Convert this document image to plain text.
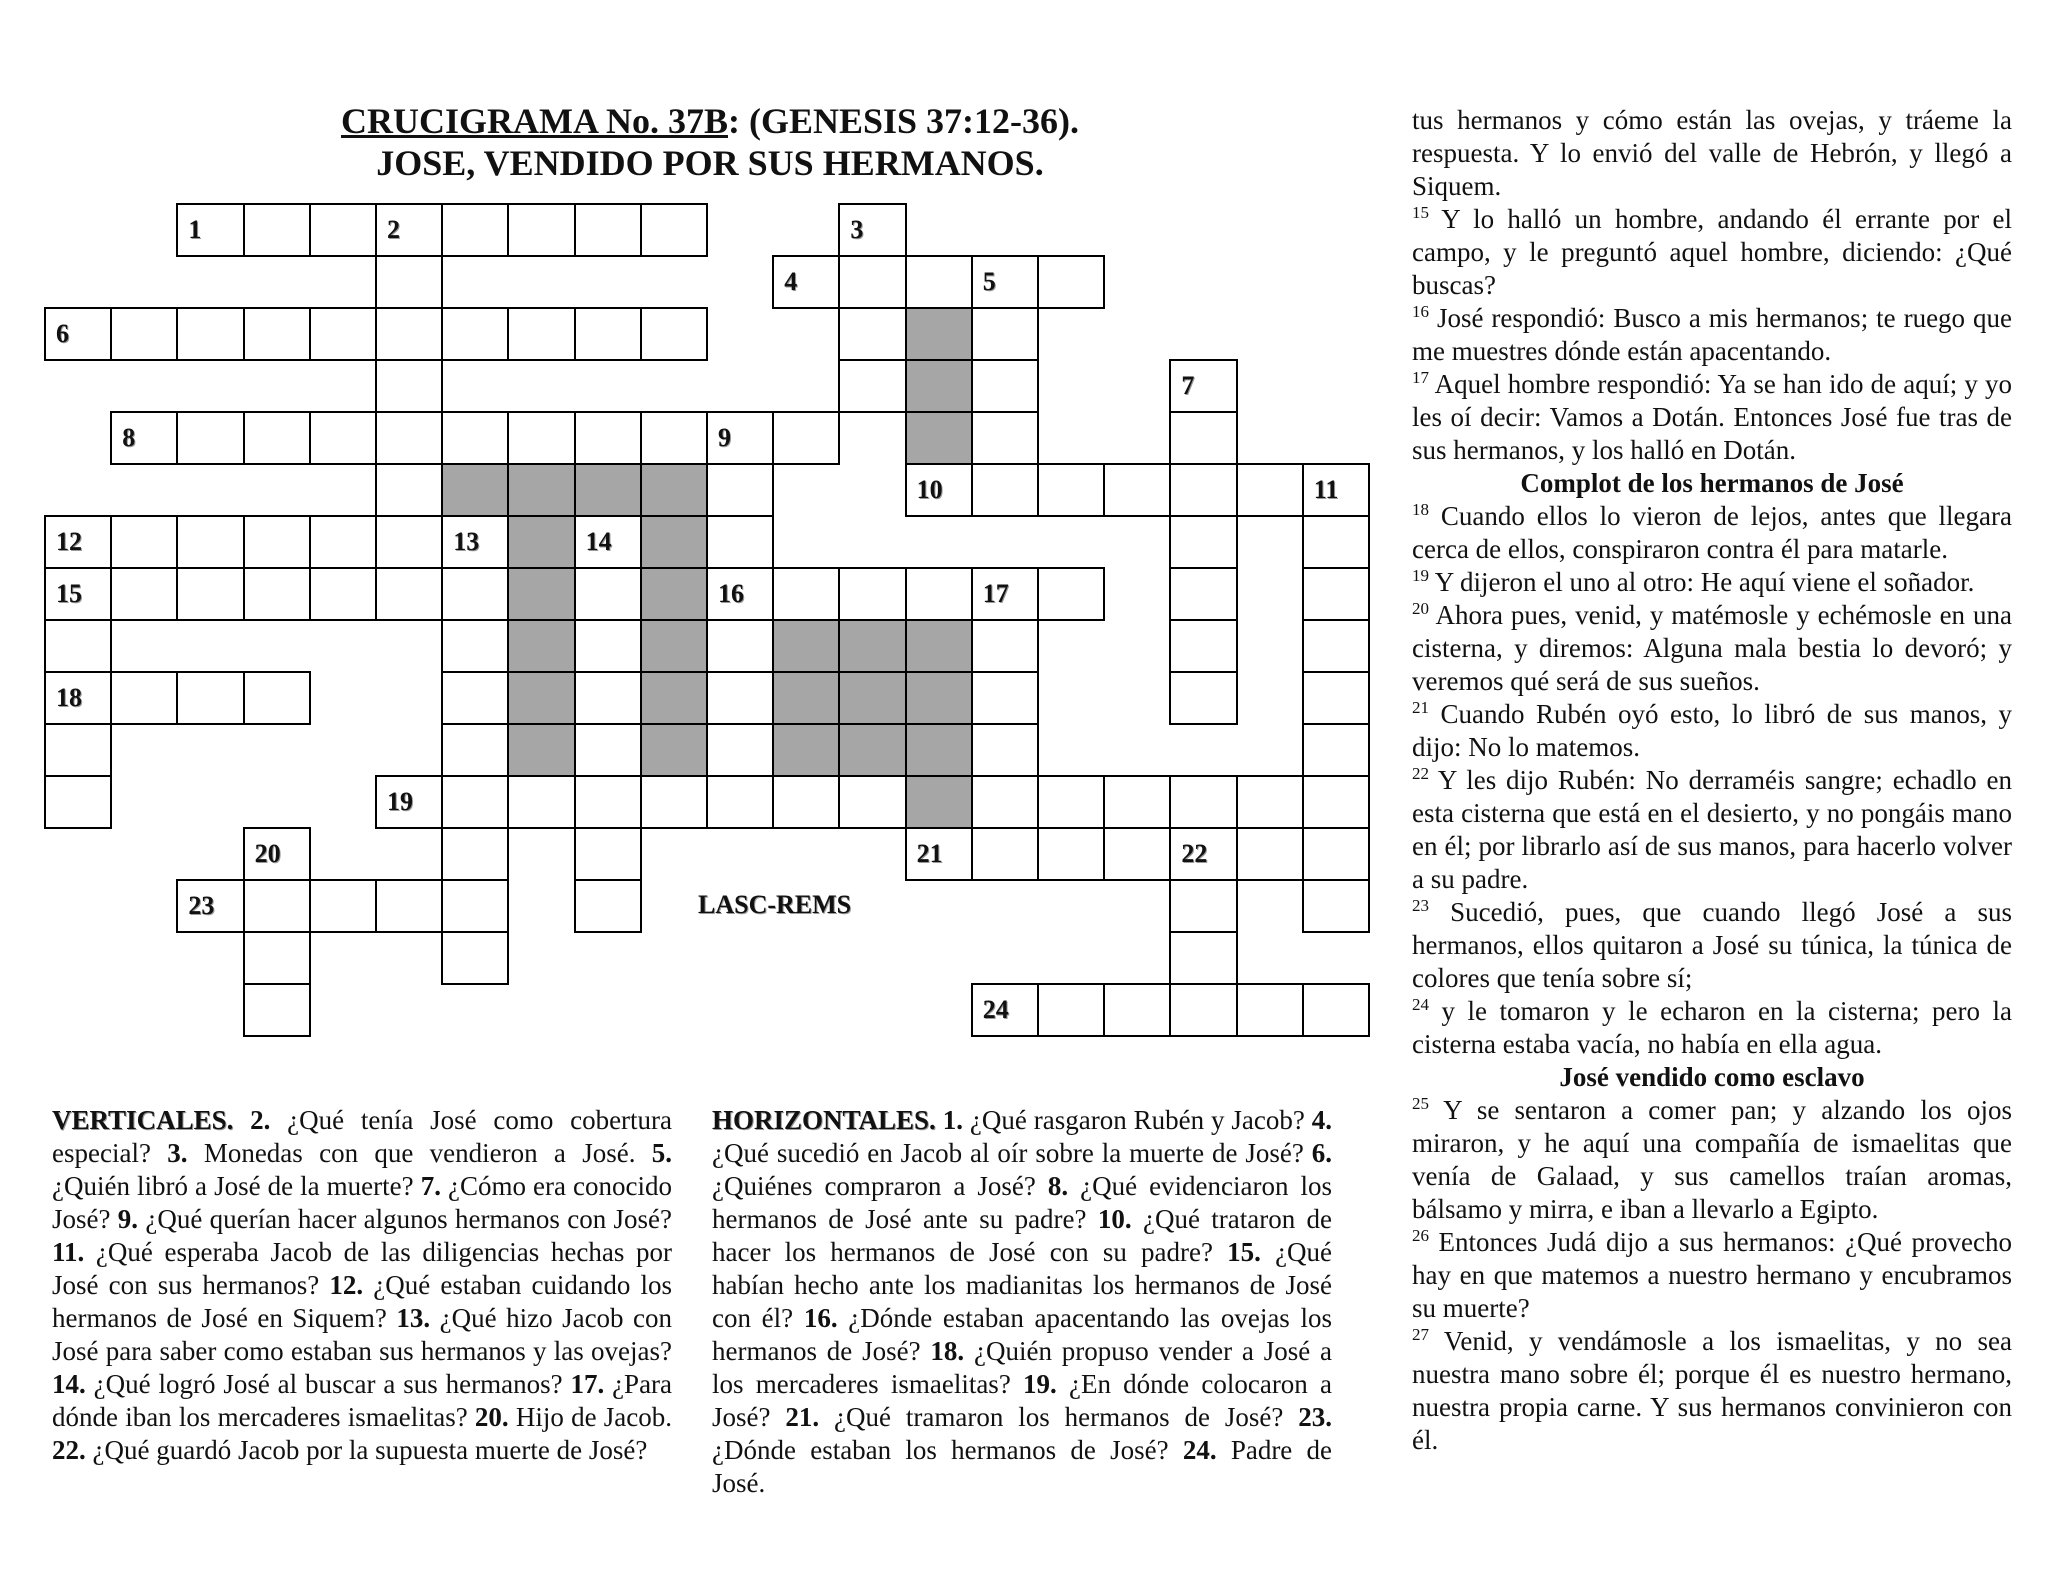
CRUCIGRAMA No. 37B: (GENESIS 37:12-36).
JOSE, VENDIDO POR SUS HERMANOS.
1	2	3
4	5
6
7
8	9
10	11
12	13	14
15	16	17
18
19
20	21	22
23
24
LASC-REMS
VERTICALES. 2. ¿Qué tenía José como cobertura especial? 3. Monedas con que vendieron a José. 5. ¿Quién libró a José de la muerte? 7. ¿Cómo era conocido José? 9. ¿Qué querían hacer algunos hermanos con José? 11. ¿Qué esperaba Jacob de las diligencias hechas por José con sus hermanos? 12. ¿Qué estaban cuidando los hermanos de José en Siquem? 13. ¿Qué hizo Jacob con José para saber como estaban sus hermanos y las ovejas? 14. ¿Qué logró José al buscar a sus hermanos? 17. ¿Para dónde iban los mercaderes ismaelitas? 20. Hijo de Jacob. 22. ¿Qué guardó Jacob por la supuesta muerte de José?
HORIZONTALES. 1. ¿Qué rasgaron Rubén y Jacob? 4. ¿Qué sucedió en Jacob al oír sobre la muerte de José? 6. ¿Quiénes compraron a José? 8. ¿Qué evidenciaron los hermanos de José ante su padre? 10. ¿Qué trataron de hacer los hermanos de José con su padre? 15. ¿Qué habían hecho ante los madianitas los hermanos de José con él? 16. ¿Dónde estaban apacentando las ovejas los hermanos de José? 18. ¿Quién propuso vender a José a los mercaderes ismaelitas? 19. ¿En dónde colocaron a José? 21. ¿Qué tramaron los hermanos de José? 23. ¿Dónde estaban los hermanos de José? 24. Padre de José.

tus hermanos y cómo están las ovejas, y tráeme la respuesta. Y lo envió del valle de Hebrón, y llegó a Siquem.

$^{15}$ Y lo halló un hombre, andando él errante por el campo, y le preguntó aquel hombre, diciendo: ¿Qué buscas?

$^{16}$ José respondió: Busco a mis hermanos; te ruego que me muestres dónde están apacentando.

$^{17}$ Aquel hombre respondió: Ya se han ido de aquí; y yo les oí decir: Vamos a Dotán. Entonces José fue tras de sus hermanos, y los halló en Dotán.

Complot de los hermanos de José

$^{18}$ Cuando ellos lo vieron de lejos, antes que llegara cerca de ellos, conspiraron contra él para matarle.

$^{19}$ Y dijeron el uno al otro: He aquí viene el soñador.

$^{20}$ Ahora pues, venid, y matémosle y echémosle en una cisterna, y diremos: Alguna mala bestia lo devoró; y veremos qué será de sus sueños.

$^{21}$ Cuando Rubén oyó esto, lo libró de sus manos, y dijo: No lo matemos.

$^{22}$ Y les dijo Rubén: No derraméis sangre; echadlo en esta cisterna que está en el desierto, y no pongáis mano en él; por librarlo así de sus manos, para hacerlo volver a su padre.

$^{23}$ Sucedió, pues, que cuando llegó José a sus hermanos, ellos quitaron a José su túnica, la túnica de colores que tenía sobre sí;

$^{24}$ y le tomaron y le echaron en la cisterna; pero la cisterna estaba vacía, no había en ella agua.

José vendido como esclavo

$^{25}$ Y se sentaron a comer pan; y alzando los ojos miraron, y he aquí una compañía de ismaelitas que venía de Galaad, y sus camellos traían aromas, bálsamo y mirra, e iban a llevarlo a Egipto.

$^{26}$ Entonces Judá dijo a sus hermanos: ¿Qué provecho hay en que matemos a nuestro hermano y encubramos su muerte?

$^{27}$ Venid, y vendámosle a los ismaelitas, y no sea nuestra mano sobre él; porque él es nuestro hermano, nuestra propia carne. Y sus hermanos convinieron con él.
